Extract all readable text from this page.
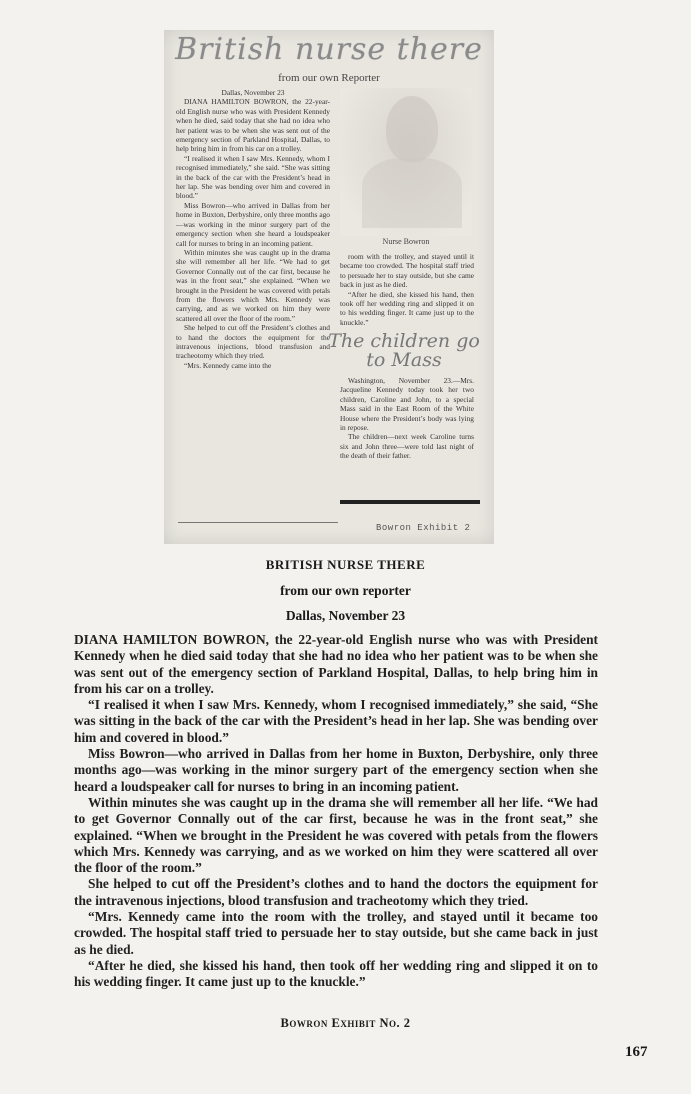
British nurse there
from our own Reporter

Dallas, November 23

DIANA HAMILTON BOWRON, the 22-year-old English nurse who was with President Kennedy when he died, said today that she had no idea who her patient was to be when she was sent out of the emergency section of Parkland Hospital, Dallas, to help bring him in from his car on a trolley.

“I realised it when I saw Mrs. Kennedy, whom I recognised immediately,” she said. “She was sitting in the back of the car with the President’s head in her lap. She was bending over him and covered in blood.”

Miss Bowron—who arrived in Dallas from her home in Buxton, Derbyshire, only three months ago—was working in the minor surgery part of the emergency section when she heard a loudspeaker call for nurses to bring in an incoming patient.

Within minutes she was caught up in the drama she will remember all her life. “We had to get Governor Connally out of the car first, because he was in the front seat,” she explained. “When we brought in the President he was covered with petals from the flowers which Mrs. Kennedy was carrying, and as we worked on him they were scattered all over the floor of the room.”

She helped to cut off the President’s clothes and to hand the doctors the equipment for the intravenous injections, blood transfusion and tracheotomy which they tried.

“Mrs. Kennedy came into the

Nurse Bowron

room with the trolley, and stayed until it became too crowded. The hospital staff tried to persuade her to stay outside, but she came back in just as he died.

“After he died, she kissed his hand, then took off her wedding ring and slipped it on to his wedding finger. It came just up to the knuckle.”

The children go to Mass

Washington, November 23.—Mrs. Jacqueline Kennedy today took her two children, Caroline and John, to a special Mass said in the East Room of the White House where the President’s body was lying in repose.

The children—next week Caroline turns six and John three—were told last night of the death of their father.

Bowron Exhibit 2
BRITISH NURSE THERE
from our own reporter
Dallas, November 23

DIANA HAMILTON BOWRON, the 22-year-old English nurse who was with President Kennedy when he died said today that she had no idea who her patient was to be when she was sent out of the emergency section of Parkland Hospital, Dallas, to help bring him in from his car on a trolley.

“I realised it when I saw Mrs. Kennedy, whom I recognised immediately,” she said, “She was sitting in the back of the car with the President’s head in her lap. She was bending over him and covered in blood.”

Miss Bowron—who arrived in Dallas from her home in Buxton, Derbyshire, only three months ago—was working in the minor surgery part of the emergency section when she heard a loudspeaker call for nurses to bring in an incoming patient.

Within minutes she was caught up in the drama she will remember all her life. “We had to get Governor Connally out of the car first, because he was in the front seat,” she explained. “When we brought in the President he was covered with petals from the flowers which Mrs. Kennedy was carrying, and as we worked on him they were scattered all over the floor of the room.”

She helped to cut off the President’s clothes and to hand the doctors the equipment for the intravenous injections, blood transfusion and tracheotomy which they tried.

“Mrs. Kennedy came into the room with the trolley, and stayed until it became too crowded. The hospital staff tried to persuade her to stay outside, but she came back in just as he died.

“After he died, she kissed his hand, then took off her wedding ring and slipped it on to his wedding finger. It came just up to the knuckle.”

Bowron Exhibit No. 2
167
